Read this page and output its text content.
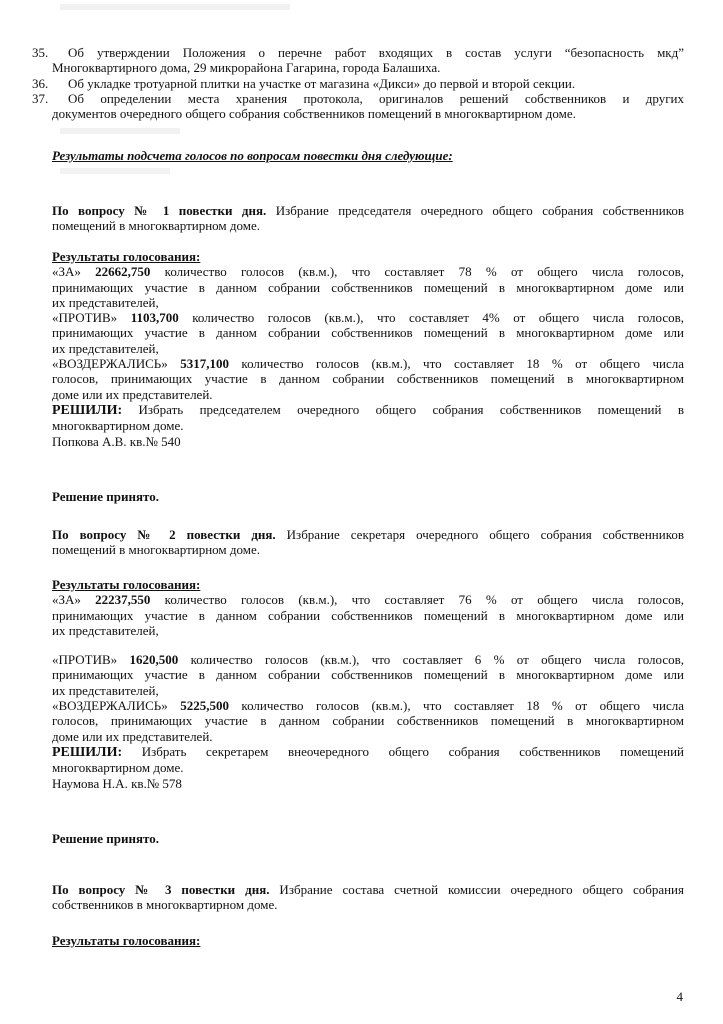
35.	Об утверждении Положения о перечне работ входящих в состав услуги “безопасность мкд”
Многоквартирного дома, 29 микрорайона Гагарина, города Балашиха.
36.	Об укладке тротуарной плитки на участке от магазина «Дикси» до первой и второй секции.
37.	Об определении места хранения протокола, оригиналов решений собственников и других
документов очередного общего собрания собственников помещений в многоквартирном доме.
Результаты подсчета голосов по вопросам повестки дня следующие:
По вопросу № 1 повестки дня. Избрание председателя очередного общего собрания собственников
помещений в многоквартирном доме.
Результаты голосования:
«ЗА» 22662,750 количество голосов (кв.м.), что составляет 78 % от общего числа голосов,
принимающих участие в данном собрании собственников помещений в многоквартирном доме или
их представителей,
«ПРОТИВ» 1103,700 количество голосов (кв.м.), что составляет 4% от общего числа голосов,
принимающих участие в данном собрании собственников помещений в многоквартирном доме или
их представителей,
«ВОЗДЕРЖАЛИСЬ» 5317,100 количество голосов (кв.м.), что составляет 18 % от общего числа
голосов, принимающих участие в данном собрании собственников помещений в многоквартирном
доме или их представителей.
РЕШИЛИ: Избрать председателем очередного общего собрания собственников помещений в
многоквартирном доме.
Попкова А.В. кв.№ 540
Решение принято.
По вопросу № 2 повестки дня. Избрание секретаря очередного общего собрания собственников
помещений в многоквартирном доме.
Результаты голосования:
«ЗА» 22237,550 количество голосов (кв.м.), что составляет 76 % от общего числа голосов,
принимающих участие в данном собрании собственников помещений в многоквартирном доме или
их представителей,
«ПРОТИВ» 1620,500 количество голосов (кв.м.), что составляет 6 % от общего числа голосов,
принимающих участие в данном собрании собственников помещений в многоквартирном доме или
их представителей,
«ВОЗДЕРЖАЛИСЬ» 5225,500 количество голосов (кв.м.), что составляет 18 % от общего числа
голосов, принимающих участие в данном собрании собственников помещений в многоквартирном
доме или их представителей.
РЕШИЛИ: Избрать секретарем внеочередного общего собрания собственников помещений
многоквартирном доме.
Наумова Н.А. кв.№ 578
Решение принято.
По вопросу № 3 повестки дня. Избрание состава счетной комиссии очередного общего собрания
собственников в многоквартирном доме.
Результаты голосования:
4
